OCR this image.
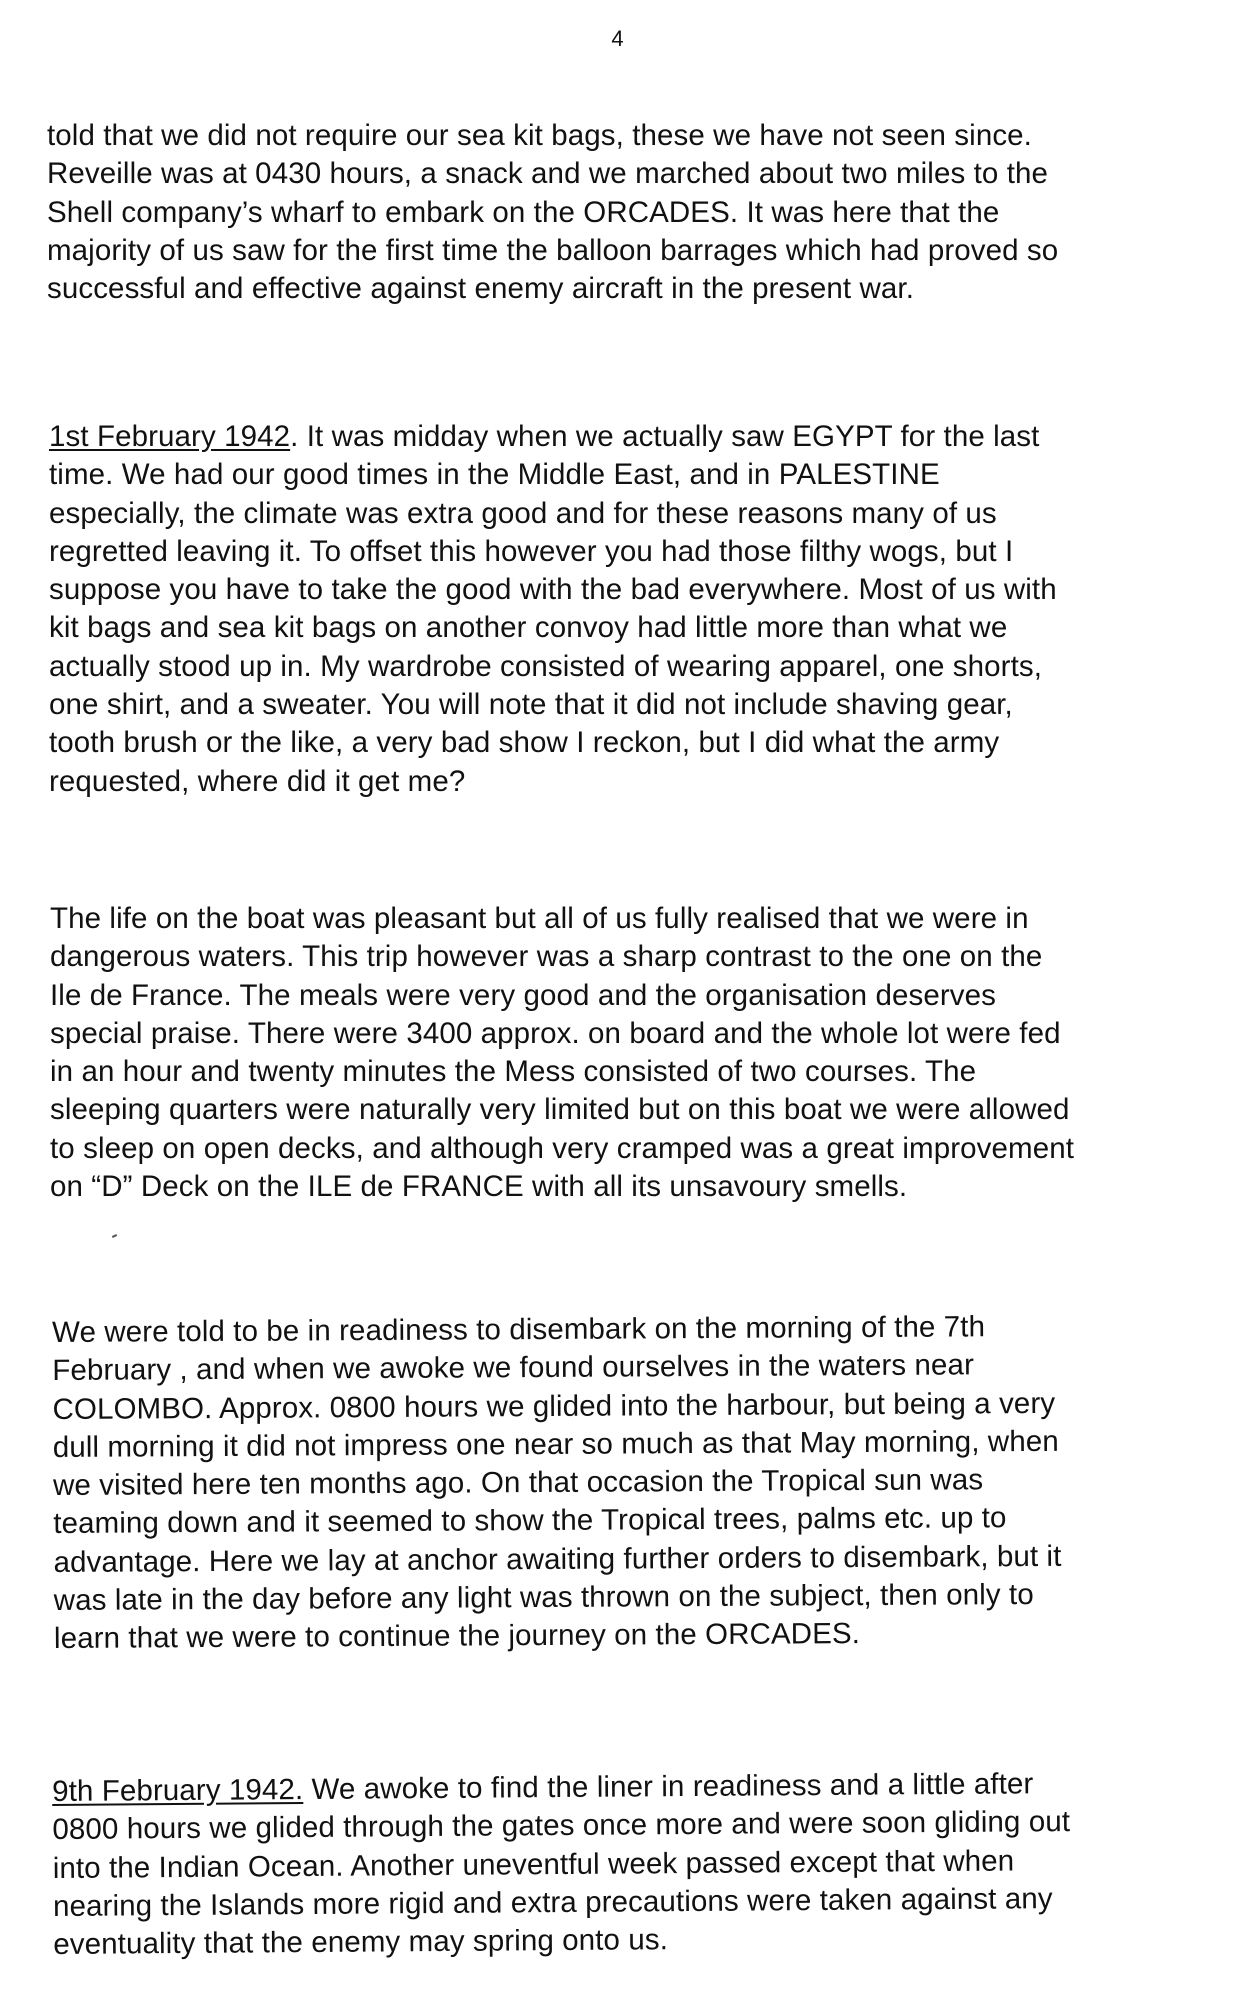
4

told that we did not require our sea kit bags, these we have not seen since.
Reveille was at 0430 hours, a snack and we marched about two miles to the
Shell company’s wharf to embark on the ORCADES. It was here that the
majority of us saw for the first time the balloon barrages which had proved so
successful and effective against enemy aircraft in the present war.

1st February 1942. It was midday when we actually saw EGYPT for the last
time. We had our good times in the Middle East, and in PALESTINE
especially, the climate was extra good and for these reasons many of us
regretted leaving it. To offset this however you had those filthy wogs, but I
suppose you have to take the good with the bad everywhere. Most of us with
kit bags and sea kit bags on another convoy had little more than what we
actually stood up in. My wardrobe consisted of wearing apparel, one shorts,
one shirt, and a sweater. You will note that it did not include shaving gear,
tooth brush or the like, a very bad show I reckon, but I did what the army
requested, where did it get me?

The life on the boat was pleasant but all of us fully realised that we were in
dangerous waters. This trip however was a sharp contrast to the one on the
Ile de France. The meals were very good and the organisation deserves
special praise. There were 3400 approx. on board and the whole lot were fed
in an hour and twenty minutes the Mess consisted of two courses. The
sleeping quarters were naturally very limited but on this boat we were allowed
to sleep on open decks, and although very cramped was a great improvement
on “D” Deck on the ILE de FRANCE with all its unsavoury smells.

We were told to be in readiness to disembark on the morning of the 7th
February , and when we awoke we found ourselves in the waters near
COLOMBO. Approx. 0800 hours we glided into the harbour, but being a very
dull morning it did not impress one near so much as that May morning, when
we visited here ten months ago. On that occasion the Tropical sun was
teaming down and it seemed to show the Tropical trees, palms etc. up to
advantage. Here we lay at anchor awaiting further orders to disembark, but it
was late in the day before any light was thrown on the subject, then only to
learn that we were to continue the journey on the ORCADES.

9th February 1942. We awoke to find the liner in readiness and a little after
0800 hours we glided through the gates once more and were soon gliding out
into the Indian Ocean. Another uneventful week passed except that when
nearing the Islands more rigid and extra precautions were taken against any
eventuality that the enemy may spring onto us.
